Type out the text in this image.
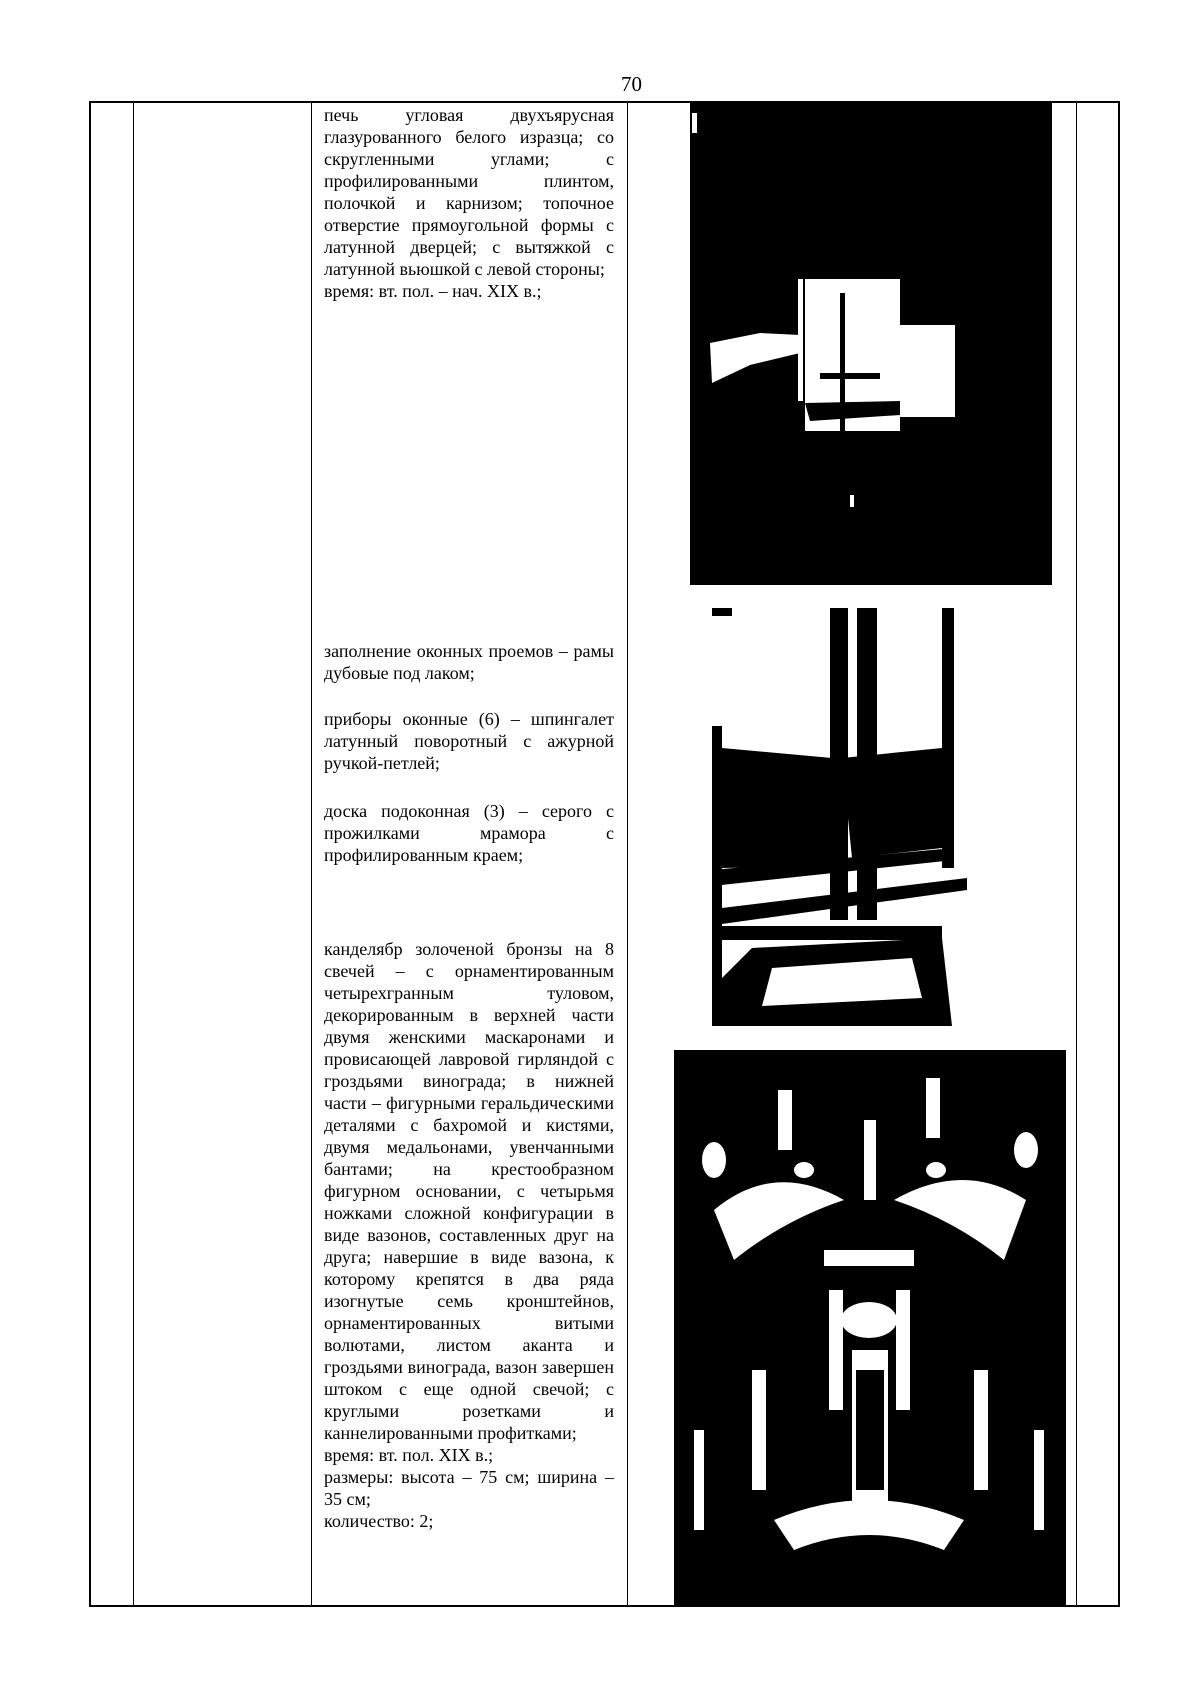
70

печь угловая двухъярусная глазурованного белого изразца; со скругленными углами; с профилированными плинтом, полочкой и карнизом; топочное отверстие прямоугольной формы с латунной дверцей; с вытяжкой с латунной вьюшкой с левой стороны;

время: вт. пол. – нач. XIX в.;

заполнение оконных проемов – рамы дубовые под лаком;

приборы оконные (6) – шпингалет латунный поворотный с ажурной ручкой-петлей;

доска подоконная (3) – серого с прожилками мрамора с профилированным краем;

канделябр золоченой бронзы на 8 свечей – с орнаментированным четырехгранным туловом, декорированным в верхней части двумя женскими маскаронами и провисающей лавровой гирляндой с гроздьями винограда; в нижней части – фигурными геральдическими деталями с бахромой и кистями, двумя медальонами, увенчанными бантами; на крестообразном фигурном основании, с четырьмя ножками сложной конфигурации в виде вазонов, составленных друг на друга; навершие в виде вазона, к которому крепятся в два ряда изогнутые семь кронштейнов, орнаментированных витыми волютами, листом аканта и гроздьями винограда, вазон завершен штоком с еще одной свечой; с круглыми розетками и каннелированными профитками;

время: вт. пол. XIX в.;

размеры: высота – 75 см; ширина – 35 см;

количество: 2;
